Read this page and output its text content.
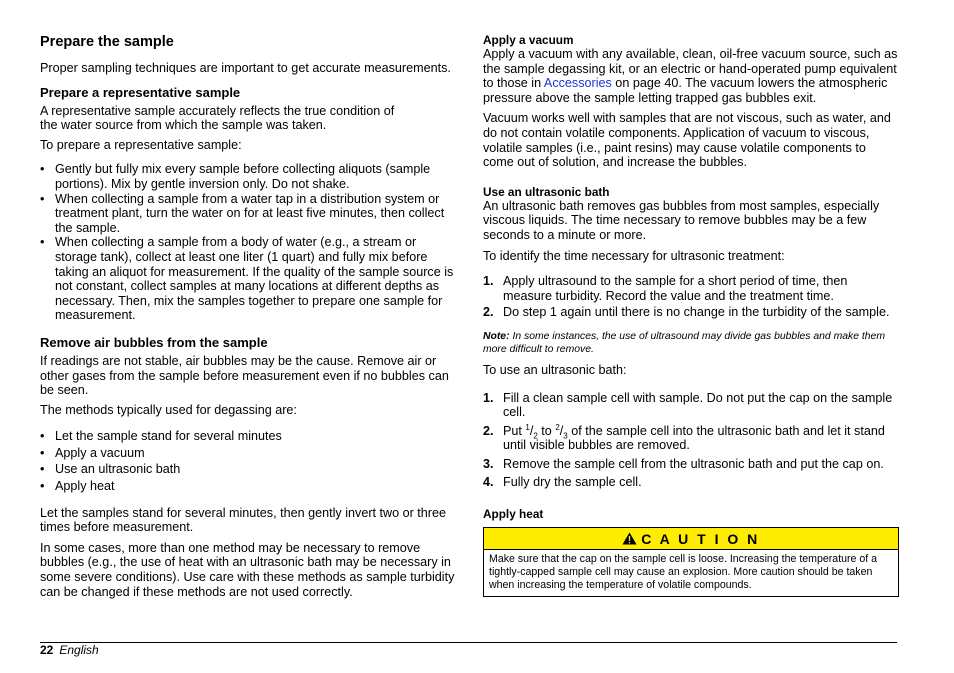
Prepare the sample

Proper sampling techniques are important to get accurate measurements.

Prepare a representative sample

A representative sample accurately reflects the true condition of the water source from which the sample was taken.

To prepare a representative sample:

• Gently but fully mix every sample before collecting aliquots (sample portions). Mix by gentle inversion only. Do not shake.
• When collecting a sample from a water tap in a distribution system or treatment plant, turn the water on for at least five minutes, then collect the sample.
• When collecting a sample from a body of water (e.g., a stream or storage tank), collect at least one liter (1 quart) and fully mix before taking an aliquot for measurement. If the quality of the sample source is not constant, collect samples at many locations at different depths as necessary. Then, mix the samples together to prepare one sample for measurement.
Remove air bubbles from the sample

If readings are not stable, air bubbles may be the cause. Remove air or other gases from the sample before measurement even if no bubbles can be seen.

The methods typically used for degassing are:

• Let the sample stand for several minutes
• Apply a vacuum
• Use an ultrasonic bath
• Apply heat

Let the samples stand for several minutes, then gently invert two or three times before measurement.

In some cases, more than one method may be necessary to remove bubbles (e.g., the use of heat with an ultrasonic bath may be necessary in some severe conditions). Use care with these methods as sample turbidity can be changed if these methods are not used correctly.

Apply a vacuum

Apply a vacuum with any available, clean, oil-free vacuum source, such as the sample degassing kit, or an electric or hand-operated pump equivalent to those in Accessories on page 40. The vacuum lowers the atmospheric pressure above the sample letting trapped gas bubbles exit.

Vacuum works well with samples that are not viscous, such as water, and do not contain volatile components. Application of vacuum to viscous, volatile samples (i.e., paint resins) may cause volatile components to come out of solution, and increase the bubbles.

Use an ultrasonic bath

An ultrasonic bath removes gas bubbles from most samples, especially viscous liquids. The time necessary to remove bubbles may be a few seconds to a minute or more.

To identify the time necessary for ultrasonic treatment:

1. Apply ultrasound to the sample for a short period of time, then measure turbidity. Record the value and the treatment time.
2. Do step 1 again until there is no change in the turbidity of the sample.

Note: In some instances, the use of ultrasound may divide gas bubbles and make them more difficult to remove.

To use an ultrasonic bath:

1. Fill a clean sample cell with sample. Do not put the cap on the sample cell.
2. Put $^1/_2$ to $^2/_3$ of the sample cell into the ultrasonic bath and let it stand until visible bubbles are removed.
3. Remove the sample cell from the ultrasonic bath and put the cap on.
4. Fully dry the sample cell.
Apply heat
C A U T I O N
Make sure that the cap on the sample cell is loose. Increasing the temperature of a tightly-capped sample cell may cause an explosion. More caution should be taken when increasing the temperature of volatile compounds.
22 English
